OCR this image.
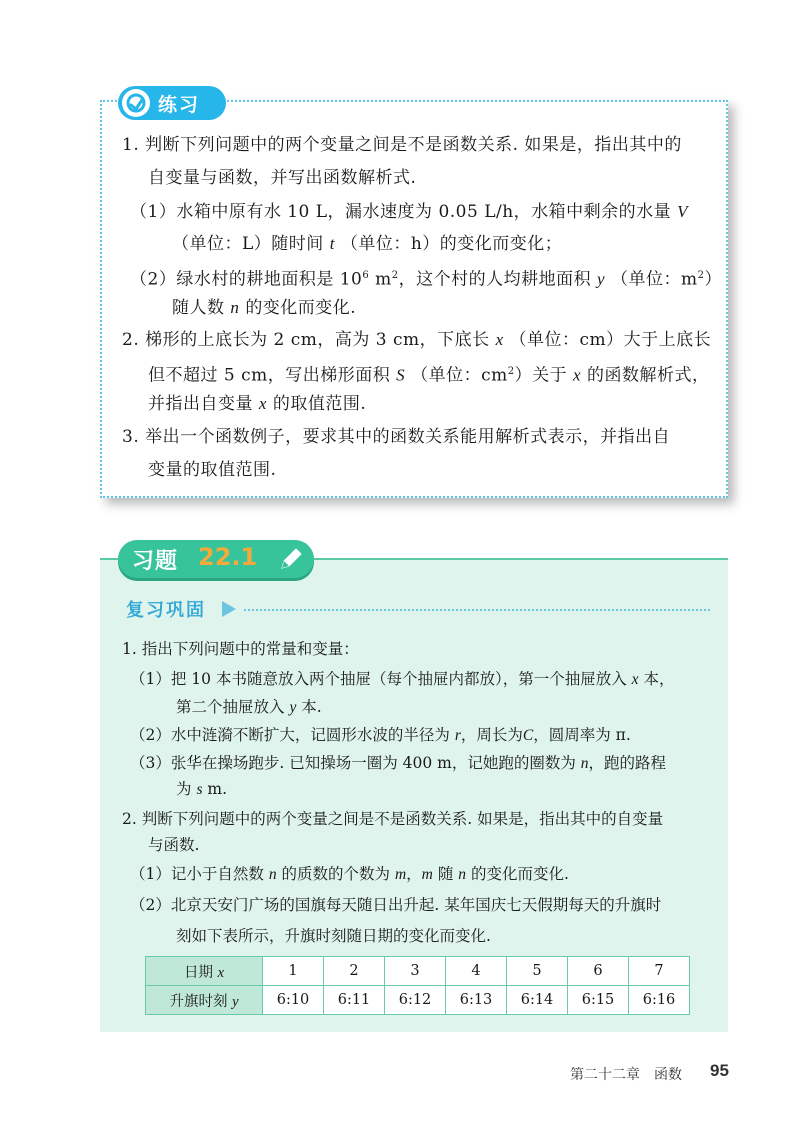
练习
1. 判断下列问题中的两个变量之间是不是函数关系. 如果是，指出其中的
自变量与函数，并写出函数解析式.
（1）水箱中原有水 10 L，漏水速度为 0.05 L/h，水箱中剩余的水量 V
（单位：L）随时间 t （单位：h）的变化而变化；
（2）绿水村的耕地面积是 $10^6$ $m^2$，这个村的人均耕地面积 y （单位：$m^2$）
随人数 n 的变化而变化.
2. 梯形的上底长为 2 cm，高为 3 cm，下底长 x （单位：cm）大于上底长
但不超过 5 cm，写出梯形面积 S （单位：$cm^2$）关于 x 的函数解析式，
并指出自变量 x 的取值范围.
3. 举出一个函数例子，要求其中的函数关系能用解析式表示，并指出自
变量的取值范围.
习题 22.1
复习巩固
1. 指出下列问题中的常量和变量：
（1）把 10 本书随意放入两个抽屉（每个抽屉内都放），第一个抽屉放入 x 本，
第二个抽屉放入 y 本.
（2）水中涟漪不断扩大，记圆形水波的半径为 r，周长为C，圆周率为 π.
（3）张华在操场跑步. 已知操场一圈为 400 m，记她跑的圈数为 n，跑的路程
为 s m.
2. 判断下列问题中的两个变量之间是不是函数关系. 如果是，指出其中的自变量
与函数.
（1）记小于自然数 n 的质数的个数为 m，m 随 n 的变化而变化.
（2）北京天安门广场的国旗每天随日出升起. 某年国庆七天假期每天的升旗时
日期 x	1	2	3	4	5	6	7
升旗时刻 y	6:10	6:11	6:12	6:13	6:14	6:15	6:16
第二十二章　函数 95
刻如下表所示，升旗时刻随日期的变化而变化.
